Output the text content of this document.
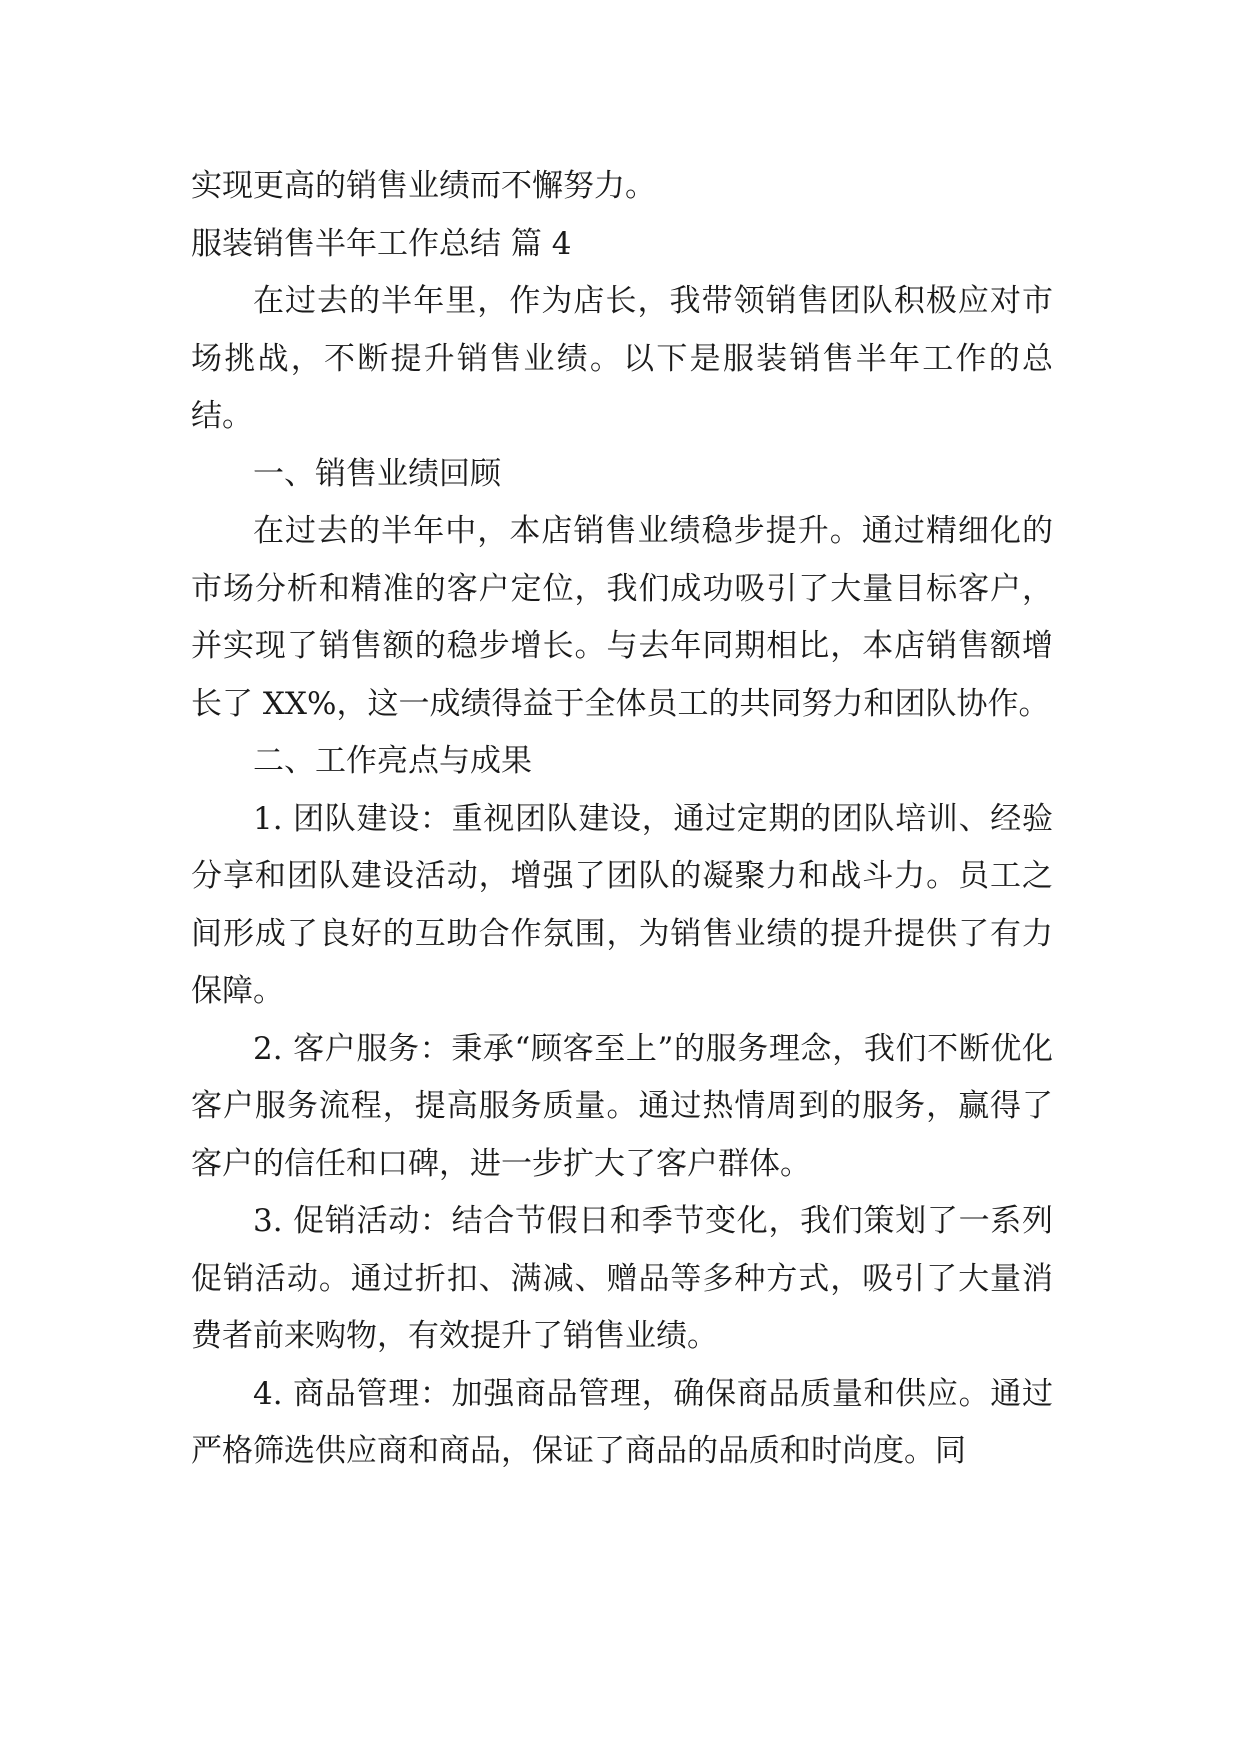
实现更高的销售业绩而不懈努力。

服装销售半年工作总结 篇 4

在过去的半年里，作为店长，我带领销售团队积极应对市场挑战，不断提升销售业绩。以下是服装销售半年工作的总结。

一、销售业绩回顾

在过去的半年中，本店销售业绩稳步提升。通过精细化的市场分析和精准的客户定位，我们成功吸引了大量目标客户，并实现了销售额的稳步增长。与去年同期相比，本店销售额增长了 XX%，这一成绩得益于全体员工的共同努力和团队协作。

二、工作亮点与成果

1. 团队建设：重视团队建设，通过定期的团队培训、经验分享和团队建设活动，增强了团队的凝聚力和战斗力。员工之间形成了良好的互助合作氛围，为销售业绩的提升提供了有力保障。

2. 客户服务：秉承“顾客至上”的服务理念，我们不断优化客户服务流程，提高服务质量。通过热情周到的服务，赢得了客户的信任和口碑，进一步扩大了客户群体。

3. 促销活动：结合节假日和季节变化，我们策划了一系列促销活动。通过折扣、满减、赠品等多种方式，吸引了大量消费者前来购物，有效提升了销售业绩。

4. 商品管理：加强商品管理，确保商品质量和供应。通过严格筛选供应商和商品，保证了商品的品质和时尚度。同
